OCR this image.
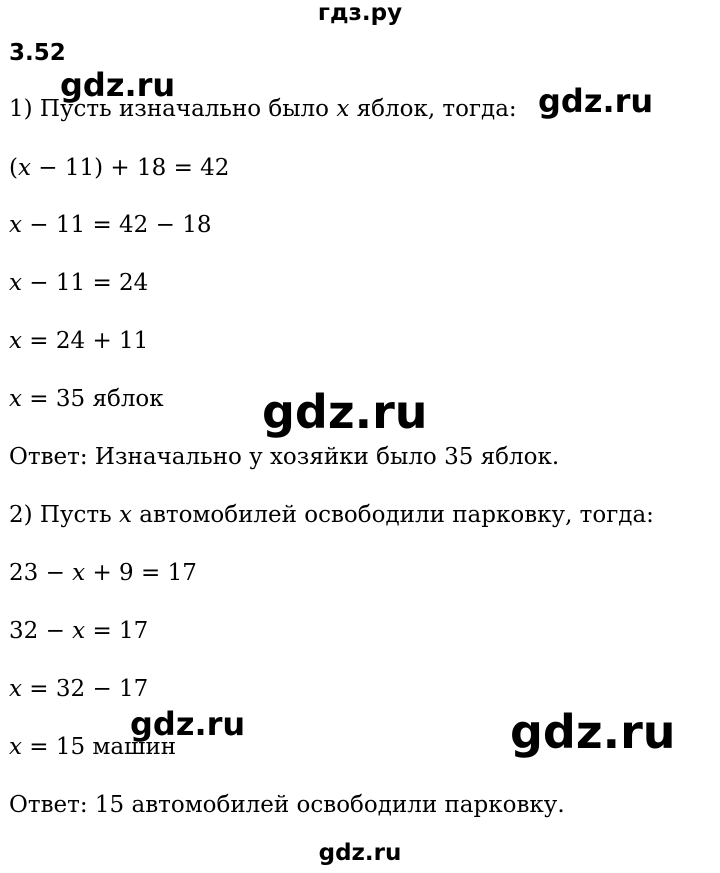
гдз.ру
3.52
1) Пусть изначально было x яблок, тогда:
(x − 11) + 18 = 42
x − 11 = 42 − 18
x − 11 = 24
x = 24 + 11
x = 35 яблок
Ответ: Изначально у хозяйки было 35 яблок.
2) Пусть x автомобилей освободили парковку, тогда:
23 − x + 9 = 17
32 − x = 17
x = 32 − 17
x = 15 машин
Ответ: 15 автомобилей освободили парковку.
gdz.ru	gdz.ru
gdz.ru
gdz.ru	gdz.ru
gdz.ru
